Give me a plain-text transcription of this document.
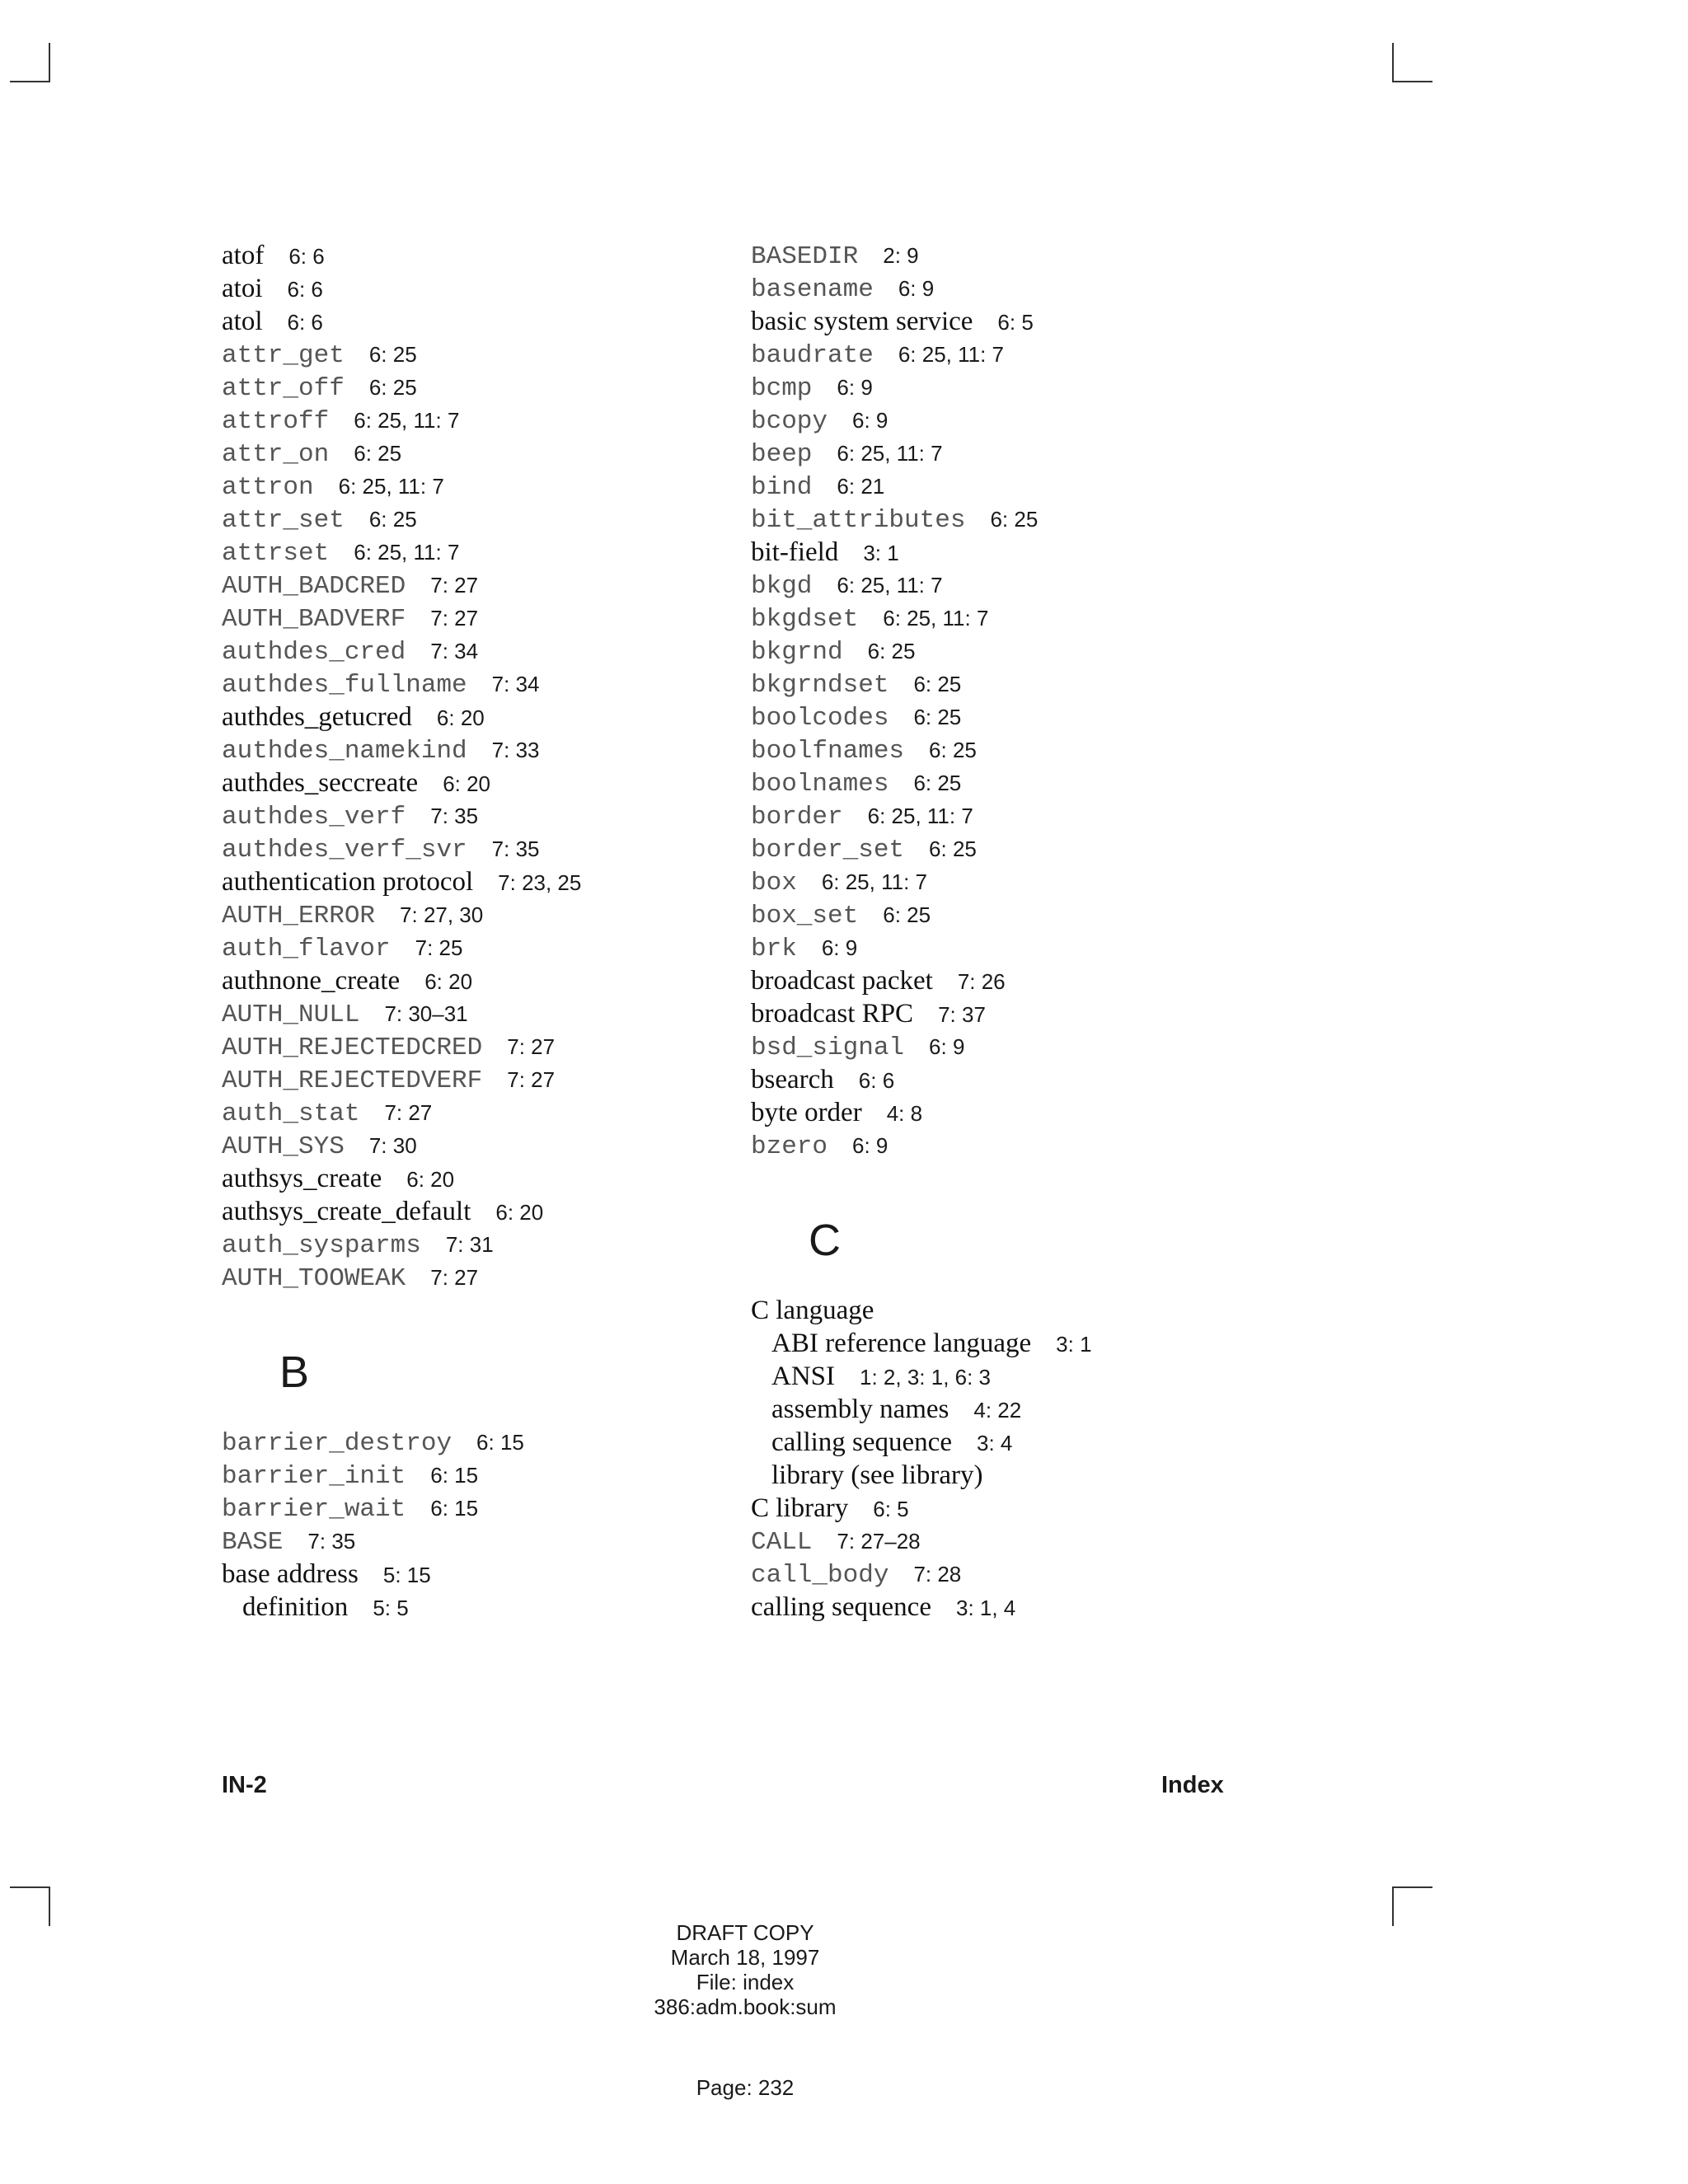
atof 6: 6
atoi 6: 6
atol 6: 6
attr_get 6: 25
attr_off 6: 25
attroff 6: 25, 11: 7
attr_on 6: 25
attron 6: 25, 11: 7
attr_set 6: 25
attrset 6: 25, 11: 7
AUTH_BADCRED 7: 27
AUTH_BADVERF 7: 27
authdes_cred 7: 34
authdes_fullname 7: 34
authdes_getucred 6: 20
authdes_namekind 7: 33
authdes_seccreate 6: 20
authdes_verf 7: 35
authdes_verf_svr 7: 35
authentication protocol 7: 23, 25
AUTH_ERROR 7: 27, 30
auth_flavor 7: 25
authnone_create 6: 20
AUTH_NULL 7: 30–31
AUTH_REJECTEDCRED 7: 27
AUTH_REJECTEDVERF 7: 27
auth_stat 7: 27
AUTH_SYS 7: 30
authsys_create 6: 20
authsys_create_default 6: 20
auth_sysparms 7: 31
AUTH_TOOWEAK 7: 27
B
barrier_destroy 6: 15
barrier_init 6: 15
barrier_wait 6: 15
BASE 7: 35
base address 5: 15
definition 5: 5
BASEDIR 2: 9
basename 6: 9
basic system service 6: 5
baudrate 6: 25, 11: 7
bcmp 6: 9
bcopy 6: 9
beep 6: 25, 11: 7
bind 6: 21
bit_attributes 6: 25
bit-field 3: 1
bkgd 6: 25, 11: 7
bkgdset 6: 25, 11: 7
bkgrnd 6: 25
bkgrndset 6: 25
boolcodes 6: 25
boolfnames 6: 25
boolnames 6: 25
border 6: 25, 11: 7
border_set 6: 25
box 6: 25, 11: 7
box_set 6: 25
brk 6: 9
broadcast packet 7: 26
broadcast RPC 7: 37
bsd_signal 6: 9
bsearch 6: 6
byte order 4: 8
bzero 6: 9
C
C language
ABI reference language 3: 1
ANSI 1: 2, 3: 1, 6: 3
assembly names 4: 22
calling sequence 3: 4
library (see library)
C library 6: 5
CALL 7: 27–28
call_body 7: 28
calling sequence 3: 1, 4
IN-2	Index
DRAFT COPY
March 18, 1997
File: index
386:adm.book:sum
Page: 232
